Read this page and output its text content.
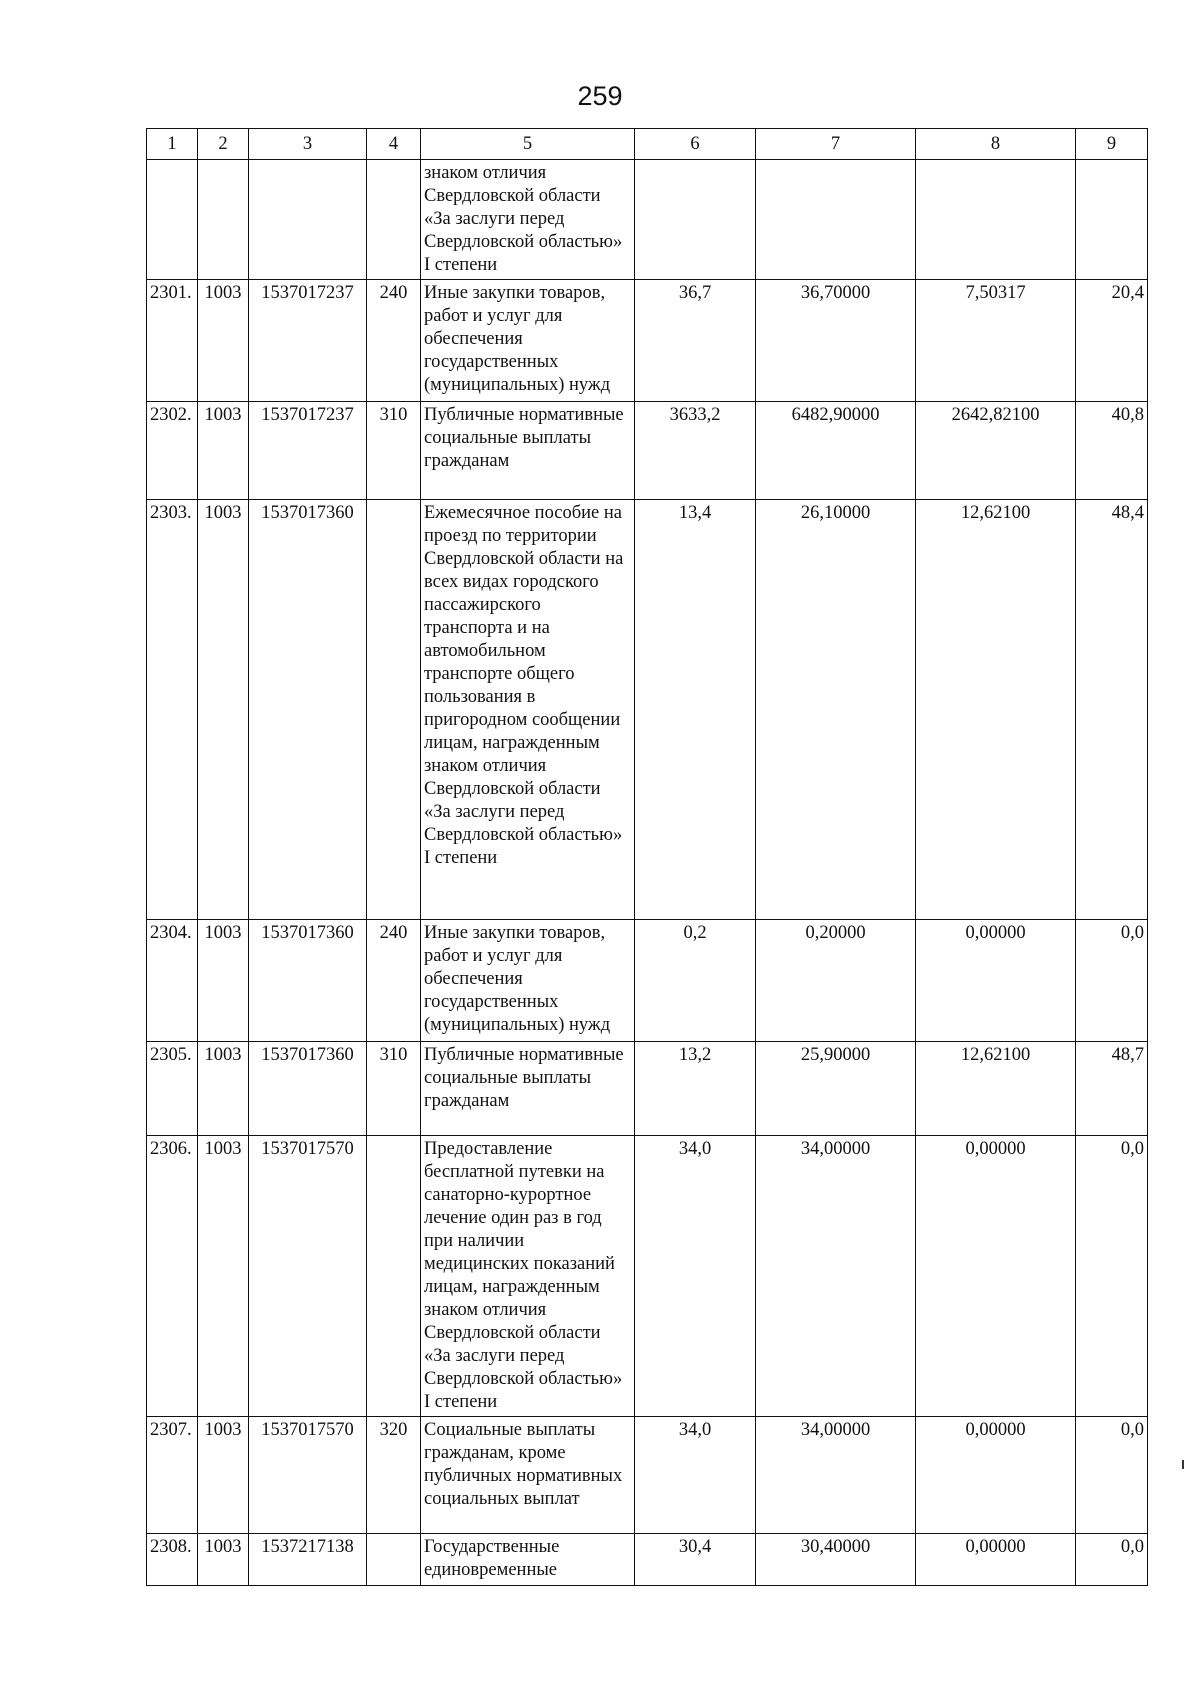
259
1	2	3	4	5	6	7	8	9
				знаком отличия Свердловской области «За заслуги перед Свердловской областью» I степени				
2301.	1003	1537017237	240	Иные закупки товаров, работ и услуг для обеспечения государственных (муниципальных) нужд	36,7	36,70000	7,50317	20,4
2302.	1003	1537017237	310	Публичные нормативные социальные выплаты гражданам	3633,2	6482,90000	2642,82100	40,8
2303.	1003	1537017360		Ежемесячное пособие на проезд по территории Свердловской области на всех видах городского пассажирского транспорта и на автомобильном транспорте общего пользования в пригородном сообщении лицам, награжденным знаком отличия Свердловской области «За заслуги перед Свердловской областью» I степени	13,4	26,10000	12,62100	48,4
2304.	1003	1537017360	240	Иные закупки товаров, работ и услуг для обеспечения государственных (муниципальных) нужд	0,2	0,20000	0,00000	0,0
2305.	1003	1537017360	310	Публичные нормативные социальные выплаты гражданам	13,2	25,90000	12,62100	48,7
2306.	1003	1537017570		Предоставление бесплатной путевки на санаторно-курортное лечение один раз в год при наличии медицинских показаний лицам, награжденным знаком отличия Свердловской области «За заслуги перед Свердловской областью» I степени	34,0	34,00000	0,00000	0,0
2307.	1003	1537017570	320	Социальные выплаты гражданам, кроме публичных нормативных социальных выплат	34,0	34,00000	0,00000	0,0
2308.	1003	1537217138		Государственные единовременные	30,4	30,40000	0,00000	0,0
